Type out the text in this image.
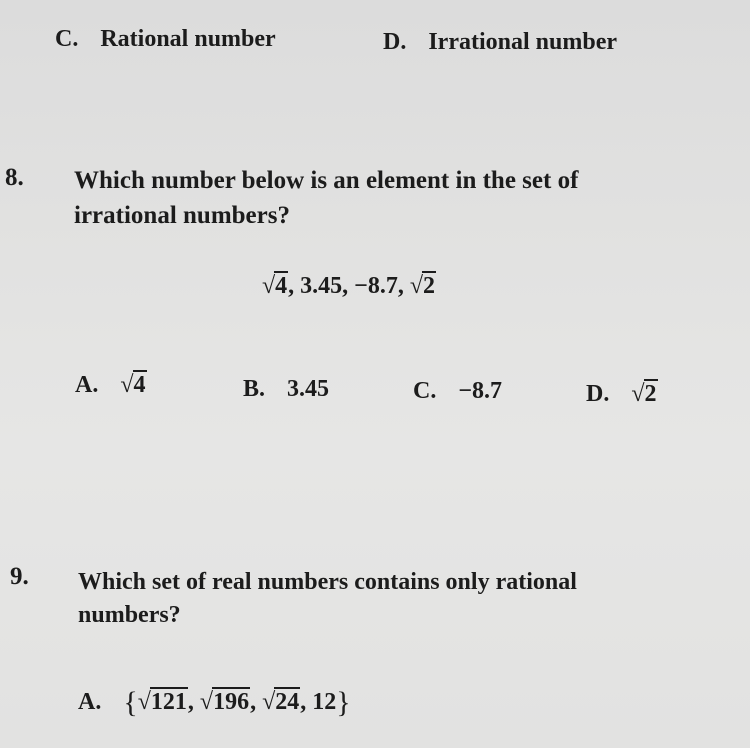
C. Rational number	D. Irrational number
8. Which number below is an element in the set of
irrational numbers?
√4, 3.45, −8.7, √2
A. √4	B. 3.45	C. −8.7	D. √2
9. Which set of real numbers contains only rational
numbers?
A. {√121, √196, √24, 12}
